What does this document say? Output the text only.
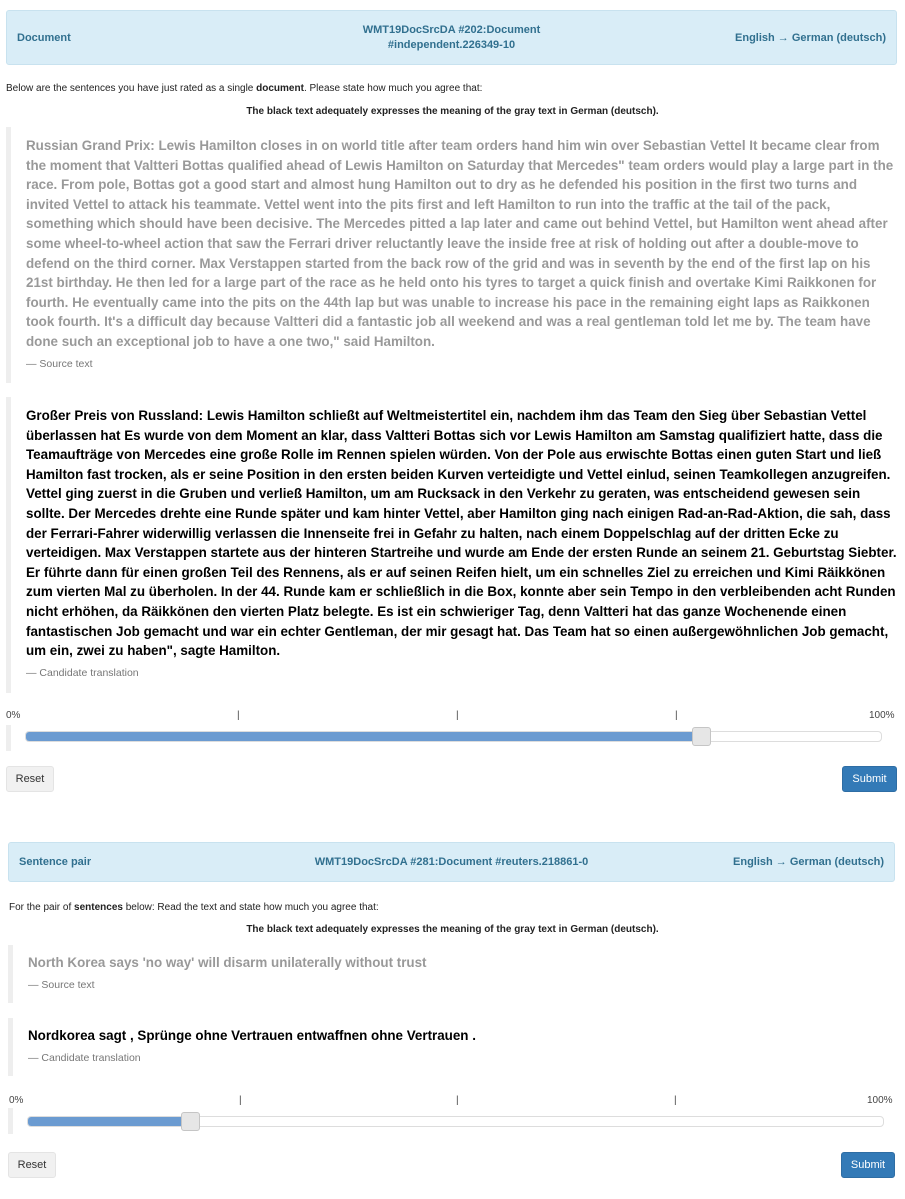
Document
WMT19DocSrcDA #202:Document
#independent.226349-10
English → German (deutsch)
Below are the sentences you have just rated as a single document. Please state how much you agree that:
The black text adequately expresses the meaning of the gray text in German (deutsch).
Russian Grand Prix: Lewis Hamilton closes in on world title after team orders hand him win over Sebastian Vettel It became clear from the moment that Valtteri Bottas qualified ahead of Lewis Hamilton on Saturday that Mercedes" team orders would play a large part in the race. From pole, Bottas got a good start and almost hung Hamilton out to dry as he defended his position in the first two turns and invited Vettel to attack his teammate. Vettel went into the pits first and left Hamilton to run into the traffic at the tail of the pack, something which should have been decisive. The Mercedes pitted a lap later and came out behind Vettel, but Hamilton went ahead after some wheel-to-wheel action that saw the Ferrari driver reluctantly leave the inside free at risk of holding out after a double-move to defend on the third corner. Max Verstappen started from the back row of the grid and was in seventh by the end of the first lap on his 21st birthday. He then led for a large part of the race as he held onto his tyres to target a quick finish and overtake Kimi Raikkonen for fourth. He eventually came into the pits on the 44th lap but was unable to increase his pace in the remaining eight laps as Raikkonen took fourth. It's a difficult day because Valtteri did a fantastic job all weekend and was a real gentleman told let me by. The team have done such an exceptional job to have a one two," said Hamilton.
— Source text
Großer Preis von Russland: Lewis Hamilton schließt auf Weltmeistertitel ein, nachdem ihm das Team den Sieg über Sebastian Vettel überlassen hat Es wurde von dem Moment an klar, dass Valtteri Bottas sich vor Lewis Hamilton am Samstag qualifiziert hatte, dass die Teamaufträge von Mercedes eine große Rolle im Rennen spielen würden. Von der Pole aus erwischte Bottas einen guten Start und ließ Hamilton fast trocken, als er seine Position in den ersten beiden Kurven verteidigte und Vettel einlud, seinen Teamkollegen anzugreifen. Vettel ging zuerst in die Gruben und verließ Hamilton, um am Rucksack in den Verkehr zu geraten, was entscheidend gewesen sein sollte. Der Mercedes drehte eine Runde später und kam hinter Vettel, aber Hamilton ging nach einigen Rad-an-Rad-Aktion, die sah, dass der Ferrari-Fahrer widerwillig verlassen die Innenseite frei in Gefahr zu halten, nach einem Doppelschlag auf der dritten Ecke zu verteidigen. Max Verstappen startete aus der hinteren Startreihe und wurde am Ende der ersten Runde an seinem 21. Geburtstag Siebter. Er führte dann für einen großen Teil des Rennens, als er auf seinen Reifen hielt, um ein schnelles Ziel zu erreichen und Kimi Räikkönen zum vierten Mal zu überholen. In der 44. Runde kam er schließlich in die Box, konnte aber sein Tempo in den verbleibenden acht Runden nicht erhöhen, da Räikkönen den vierten Platz belegte. Es ist ein schwieriger Tag, denn Valtteri hat das ganze Wochenende einen fantastischen Job gemacht und war ein echter Gentleman, der mir gesagt hat. Das Team hat so einen außergewöhnlichen Job gemacht, um ein, zwei zu haben", sagte Hamilton.
— Candidate translation
0%	|	|	|	100%
Reset	Submit
Sentence pair	WMT19DocSrcDA #281:Document #reuters.218861-0	English → German (deutsch)
For the pair of sentences below: Read the text and state how much you agree that:
The black text adequately expresses the meaning of the gray text in German (deutsch).
North Korea says 'no way' will disarm unilaterally without trust
— Source text
Nordkorea sagt , Sprünge ohne Vertrauen entwaffnen ohne Vertrauen .
— Candidate translation
0%	|	|	|	100%
Reset	Submit
